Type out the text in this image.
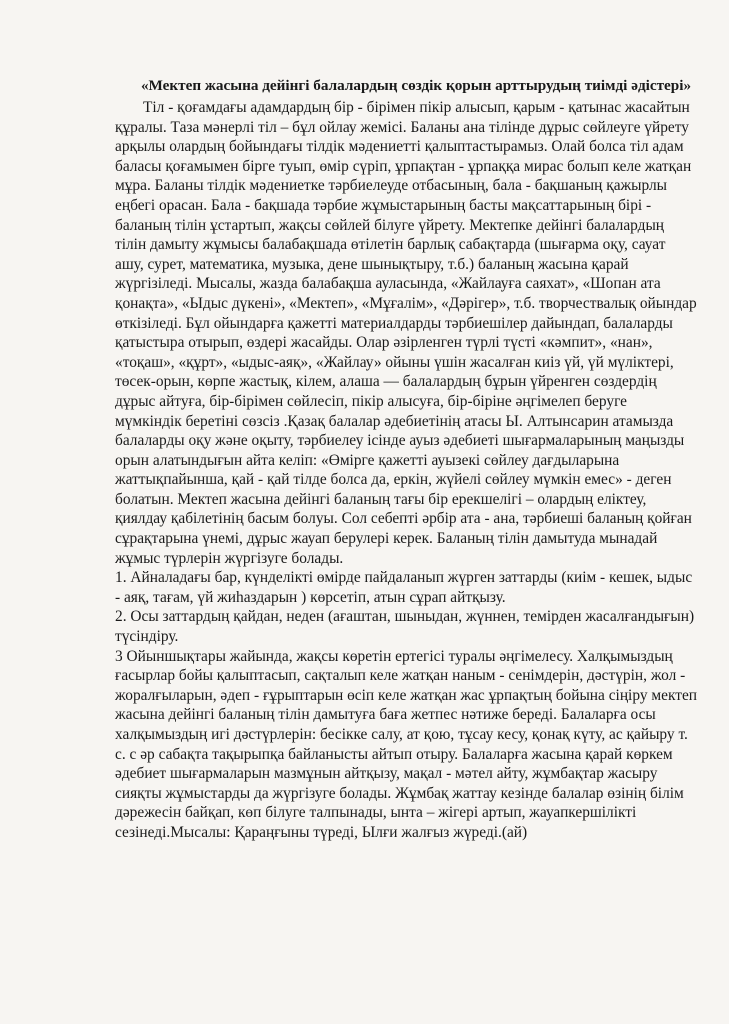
«Мектеп жасына дейінгі балалардың сөздік қорын арттырудың тиімді әдістері»

Тіл - қоғамдағы адамдардың бір - бірімен пікір алысып, қарым - қатынас жасайтын құралы. Таза мәнерлі тіл – бұл ойлау жемісі. Баланы ана тілінде дұрыс сөйлеуге үйрету арқылы олардың бойындағы тілдік мәдениетті қалыптастырамыз. Олай болса тіл адам баласы қоғамымен бірге туып, өмір сүріп, ұрпақтан - ұрпаққа мирас болып келе жатқан мұра. Баланы тілдік мәдениетке тәрбиелеуде отбасының, бала - бақшаның қажырлы еңбегі орасан. Бала - бақшада тәрбие жұмыстарының басты мақсаттарының бірі - баланың тілін ұстартып, жақсы сөйлей білуге үйрету. Мектепке дейінгі балалардың тілін дамыту жұмысы балабақшада өтілетін барлық сабақтарда (шығарма оқу, сауат ашу, сурет, математика, музыка, дене шынықтыру, т.б.) баланың жасына қарай жүргізіледі. Мысалы, жазда балабақша ауласында, «Жайлауға саяхат», «Шопан ата қонақта», «Ыдыс дүкені», «Мектеп», «Мұғалім», «Дәрігер», т.б. творчествалық ойындар өткізіледі. Бұл ойындарға қажетті материалдарды тәрбиешілер дайындап, балаларды қатыстыра отырып, өздері жасайды. Олар әзірленген түрлі түсті «кәмпит», «нан», «тоқаш», «құрт», «ыдыс-аяқ», «Жайлау» ойыны үшін жасалған киіз үй, үй мүліктері, төсек-орын, көрпе жастық, кілем, алаша — балалардың бұрын үйренген сөздердің дұрыс айтуға, бір-бірімен сөйлесіп, пікір алысуға, бір-біріне әңгімелеп беруге мүмкіндік беретіні сөзсіз .Қазақ балалар әдебиетінің атасы Ы. Алтынсарин атамызда балаларды оқу және оқыту, тәрбиелеу ісінде ауыз әдебиеті шығармаларының маңызды орын алатындығын айта келіп: «Өмірге қажетті ауызекі сөйлеу дағдыларына жаттықпайынша, қай - қай тілде болса да, еркін, жүйелі сөйлеу мүмкін емес» - деген болатын. Мектеп жасына дейінгі баланың тағы бір ерекшелігі – олардың еліктеу, қиялдау қабілетінің басым болуы. Сол себепті әрбір ата - ана, тәрбиеші баланың қойған сұрақтарына үнемі, дұрыс жауап берулері керек. Баланың тілін дамытуда мынадай жұмыс түрлерін жүргізуге болады.

1. Айналадағы бар, күнделікті өмірде пайдаланып жүрген заттарды (киім - кешек, ыдыс - аяқ, тағам, үй жиһаздарын ) көрсетіп, атын сұрап айтқызу.

2. Осы заттардың қайдан, неден (ағаштан, шыныдан, жүннен, темірден жасалғандығын) түсіндіру.

3 Ойыншықтары жайында, жақсы көретін ертегісі туралы әңгімелесу. Халқымыздың ғасырлар бойы қалыптасып, сақталып келе жатқан наным - сенімдерін, дәстүрін, жол - жоралғыларын, әдеп - ғұрыптарын өсіп келе жатқан жас ұрпақтың бойына сіңіру мектеп жасына дейінгі баланың тілін дамытуға баға жетпес нәтиже береді. Балаларға осы халқымыздың игі дәстүрлерін: бесікке салу, ат қою, тұсау кесу, қонақ күту, ас қайыру т. с. с әр сабақта тақырыпқа байланысты айтып отыру. Балаларға жасына қарай көркем әдебиет шығармаларын мазмұнын айтқызу, мақал - мәтел айту, жұмбақтар жасыру сияқты жұмыстарды да жүргізуге болады. Жұмбақ жаттау кезінде балалар өзінің білім дәрежесін байқап, көп білуге талпынады, ынта – жігері артып, жауапкершілікті сезінеді.Мысалы: Қараңғыны түреді, Ылғи жалғыз жүреді.(ай)
